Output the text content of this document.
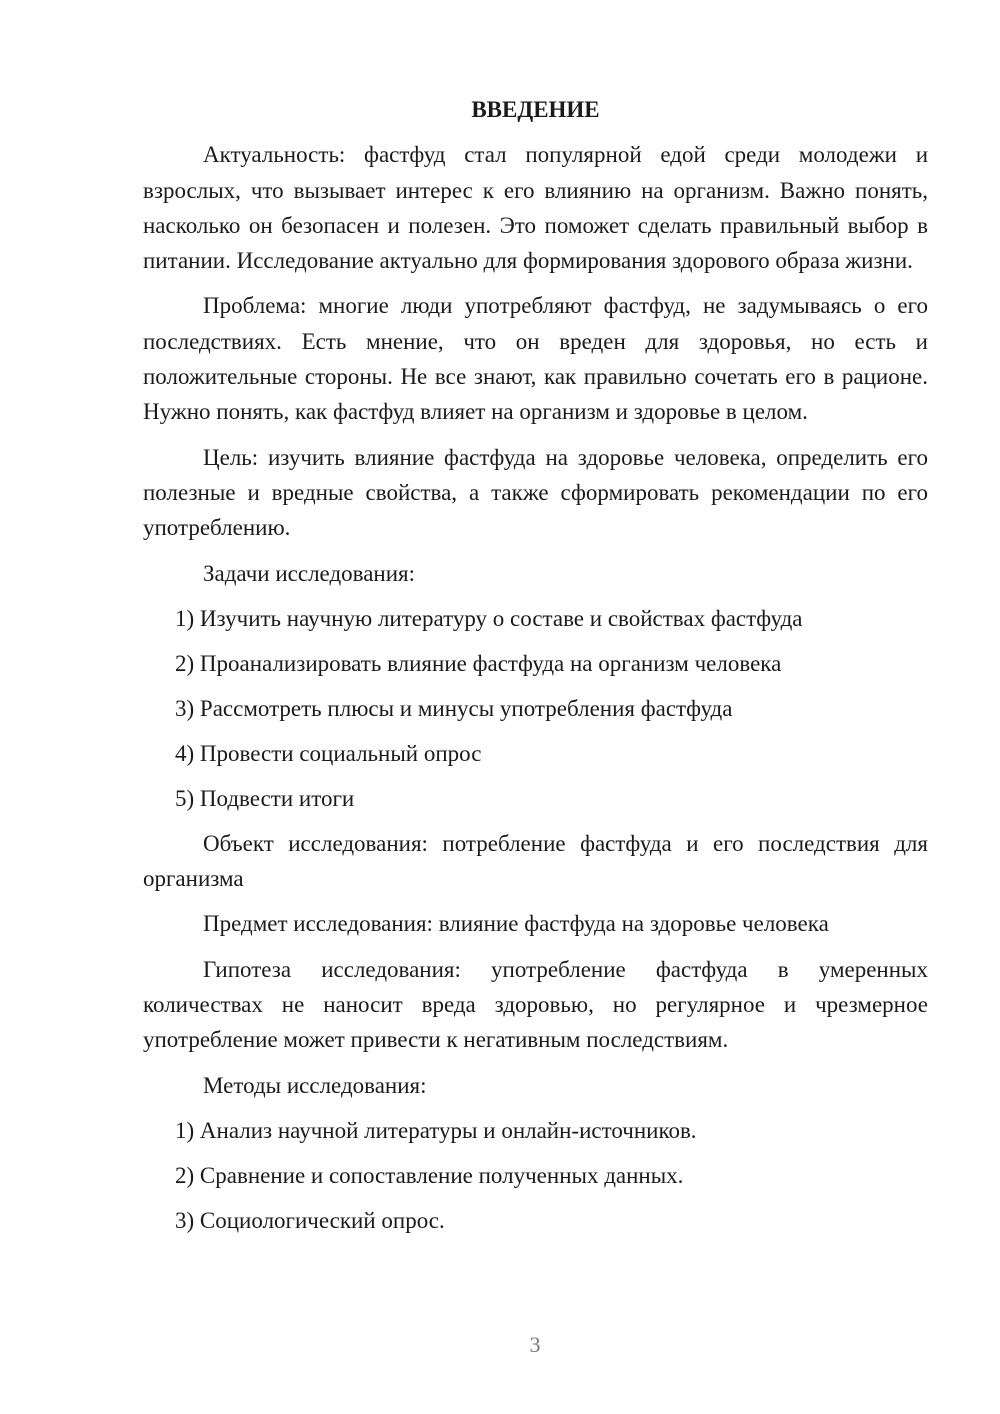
ВВЕДЕНИЕ

Актуальность: фастфуд стал популярной едой среди молодежи и взрослых, что вызывает интерес к его влиянию на организм. Важно понять, насколько он безопасен и полезен. Это поможет сделать правильный выбор в питании. Исследование актуально для формирования здорового образа жизни.

Проблема: многие люди употребляют фастфуд, не задумываясь о его последствиях. Есть мнение, что он вреден для здоровья, но есть и положительные стороны. Не все знают, как правильно сочетать его в рационе. Нужно понять, как фастфуд влияет на организм и здоровье в целом.

Цель: изучить влияние фастфуда на здоровье человека, определить его полезные и вредные свойства, а также сформировать рекомендации по его употреблению.

Задачи исследования:

1) Изучить научную литературу о составе и свойствах фастфуда
2) Проанализировать влияние фастфуда на организм человека
3) Рассмотреть плюсы и минусы употребления фастфуда
4) Провести социальный опрос
5) Подвести итоги

Объект исследования: потребление фастфуда и его последствия для организма

Предмет исследования: влияние фастфуда на здоровье человека

Гипотеза исследования: употребление фастфуда в умеренных количествах не наносит вреда здоровью, но регулярное и чрезмерное употребление может привести к негативным последствиям.

Методы исследования:

1) Анализ научной литературы и онлайн-источников.
2) Сравнение и сопоставление полученных данных.
3) Социологический опрос.
3
